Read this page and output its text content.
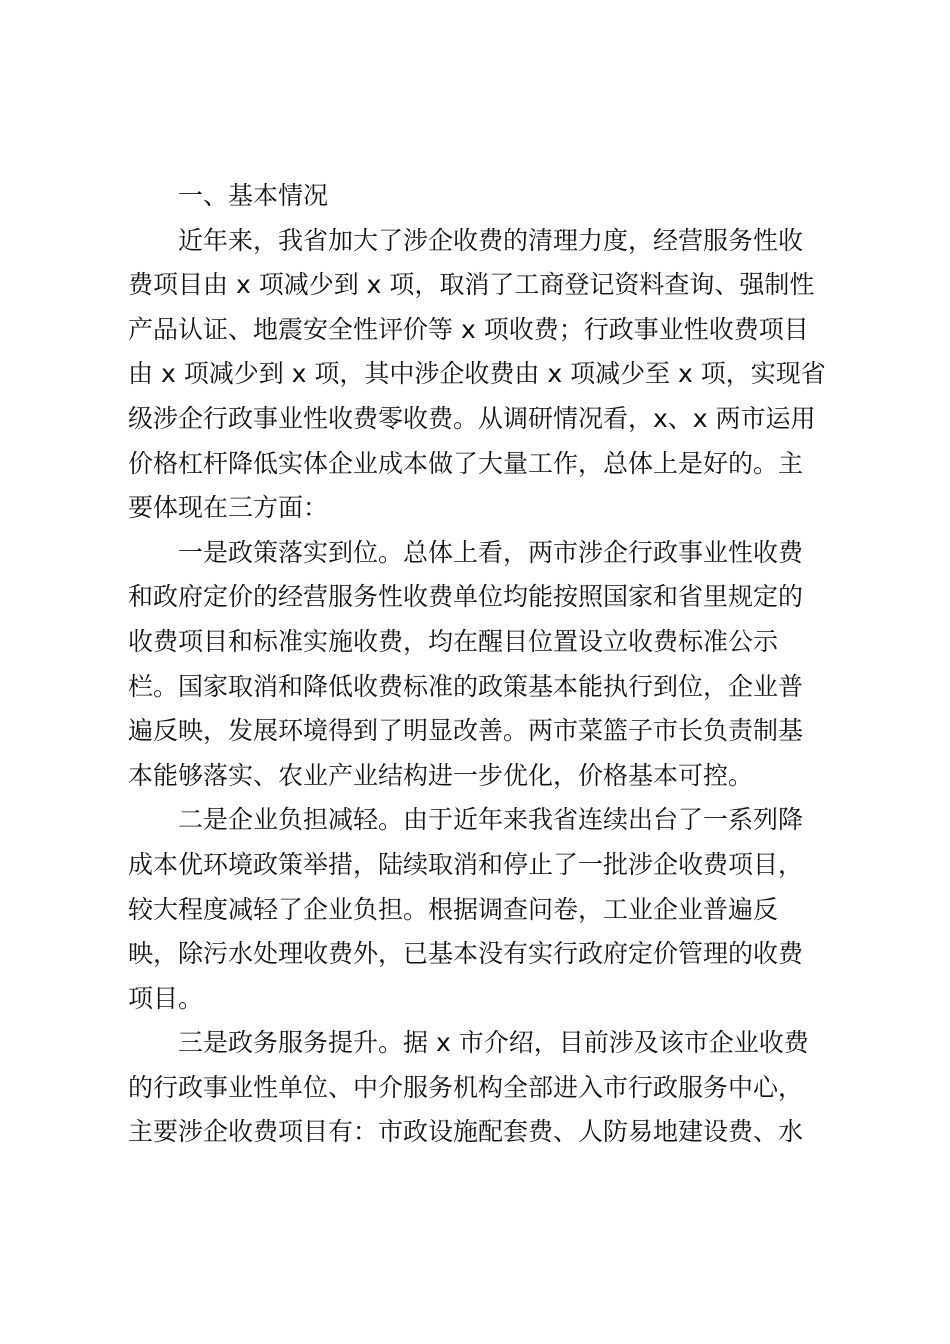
一、基本情况
近年来，我省加大了涉企收费的清理力度，经营服务性收
费项目由 x 项减少到 x 项，取消了工商登记资料查询、强制性
产品认证、地震安全性评价等 x 项收费；行政事业性收费项目
由 x 项减少到 x 项，其中涉企收费由 x 项减少至 x 项，实现省
级涉企行政事业性收费零收费。从调研情况看，x、x 两市运用
价格杠杆降低实体企业成本做了大量工作，总体上是好的。主
要体现在三方面：
一是政策落实到位。总体上看，两市涉企行政事业性收费
和政府定价的经营服务性收费单位均能按照国家和省里规定的
收费项目和标准实施收费，均在醒目位置设立收费标准公示
栏。国家取消和降低收费标准的政策基本能执行到位，企业普
遍反映，发展环境得到了明显改善。两市菜篮子市长负责制基
本能够落实、农业产业结构进一步优化，价格基本可控。
二是企业负担减轻。由于近年来我省连续出台了一系列降
成本优环境政策举措，陆续取消和停止了一批涉企收费项目，
较大程度减轻了企业负担。根据调查问卷，工业企业普遍反
映，除污水处理收费外，已基本没有实行政府定价管理的收费
项目。
三是政务服务提升。据 x 市介绍，目前涉及该市企业收费
的行政事业性单位、中介服务机构全部进入市行政服务中心，
主要涉企收费项目有：市政设施配套费、人防易地建设费、水
